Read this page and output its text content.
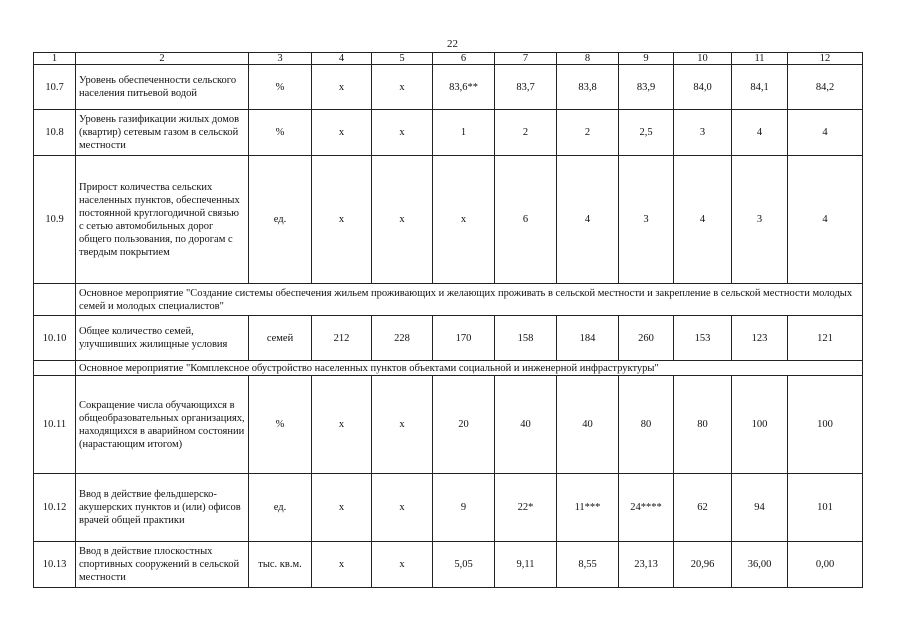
22
1	2	3	4	5	6	7	8	9	10	11	12
10.7	Уровень обеспеченности сельского населения питьевой водой	%	х	х	83,6**	83,7	83,8	83,9	84,0	84,1	84,2
10.8	Уровень газификации жилых домов (квартир) сетевым газом в сельской местности	%	х	х	1	2	2	2,5	3	4	4
10.9	Прирост количества сельских населенных пунктов, обеспеченных постоянной круглогодичной связью с сетью автомобильных дорог общего пользования, по дорогам с твердым покрытием	ед.	х	х	х	6	4	3	4	3	4
	Основное мероприятие "Создание системы обеспечения жильем проживающих и желающих проживать в сельской местности и закрепление в сельской местности молодых семей и молодых специалистов"										
10.10	Общее количество семей, улучшивших жилищные условия	семей	212	228	170	158	184	260	153	123	121
	Основное мероприятие "Комплексное обустройство населенных пунктов объектами социальной и инженерной инфраструктуры"										
10.11	Сокращение числа обучающихся в общеобразовательных организациях, находящихся в аварийном состоянии (нарастающим итогом)	%	х	х	20	40	40	80	80	100	100
10.12	Ввод в действие фельдшерско-акушерских пунктов и (или) офисов врачей общей практики	ед.	х	х	9	22*	11***	24****	62	94	101
10.13	Ввод в действие плоскостных спортивных сооружений в сельской местности	тыс. кв.м.	х	х	5,05	9,11	8,55	23,13	20,96	36,00	0,00
